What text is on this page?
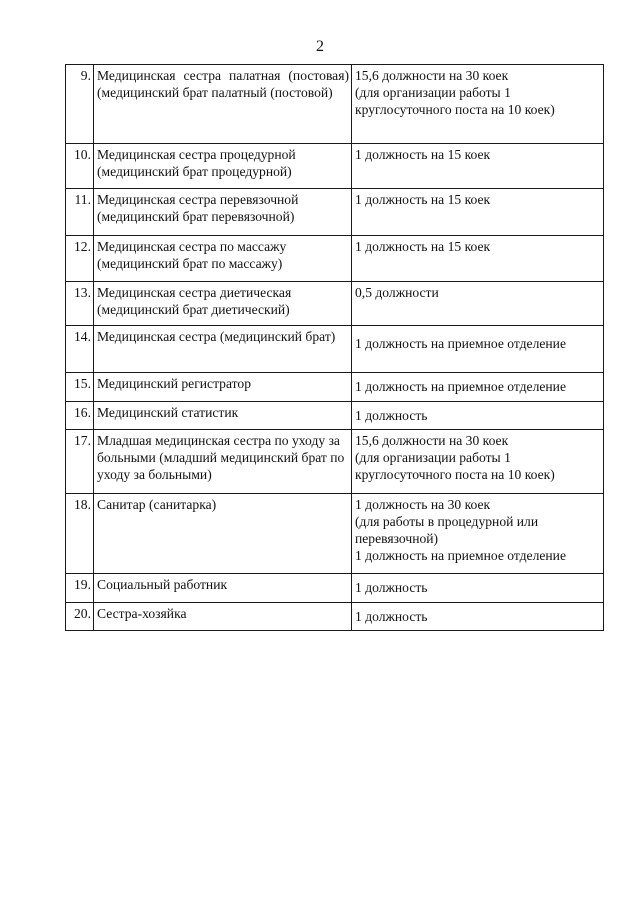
2
9.	Медицинская сестра палатная (постовая) (медицинский брат палатный (постовой)	15,6 должности на 30 коек
(для организации работы 1
круглосуточного поста на 10 коек)

10.	Медицинская сестра процедурной (медицинский брат процедурной)	1 должность на 15 коек

11.	Медицинская сестра перевязочной (медицинский брат перевязочной)	1 должность на 15 коек

12.	Медицинская сестра по массажу (медицинский брат по массажу)	1 должность на 15 коек

13.	Медицинская сестра диетическая (медицинский брат диетический)	0,5 должности

14.	Медицинская сестра (медицинский брат)	1 должность на приемное отделение

15.	Медицинский регистратор	1 должность на приемное отделение

16.	Медицинский статистик	1 должность

17.	Младшая медицинская сестра по уходу за больными (младший медицинский брат по уходу за больными)	15,6 должности на 30 коек
(для организации работы 1
круглосуточного поста на 10 коек)

18.	Санитар (санитарка)	1 должность на 30 коек
(для работы в процедурной или
перевязочной)
1 должность на приемное отделение

19.	Социальный работник	1 должность

20.	Сестра-хозяйка	1 должность
